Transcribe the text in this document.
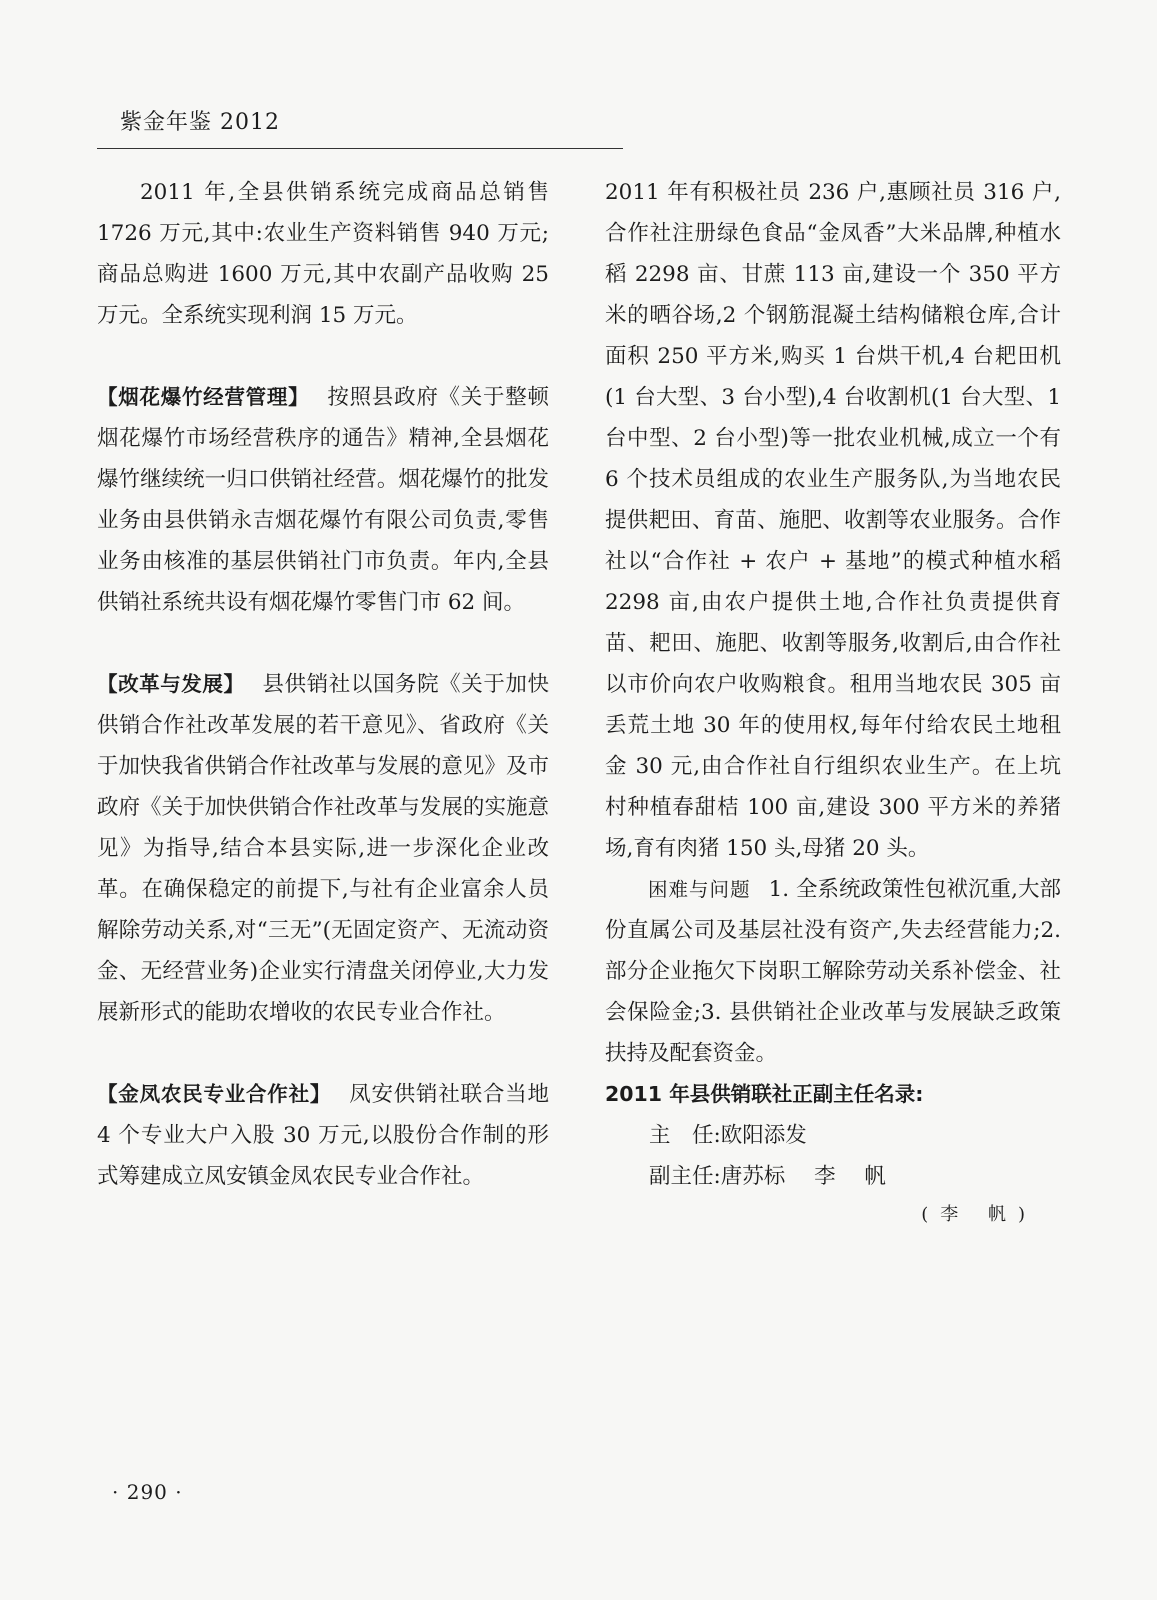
紫金年鉴 2012

2011 年,全县供销系统完成商品总销售 1726 万元,其中:农业生产资料销售 940 万元;商品总购进 1600 万元,其中农副产品收购 25 万元。全系统实现利润 15 万元。

【烟花爆竹经营管理】 按照县政府《关于整顿烟花爆竹市场经营秩序的通告》精神,全县烟花爆竹继续统一归口供销社经营。烟花爆竹的批发业务由县供销永吉烟花爆竹有限公司负责,零售业务由核准的基层供销社门市负责。年内,全县供销社系统共设有烟花爆竹零售门市 62 间。

【改革与发展】 县供销社以国务院《关于加快供销合作社改革发展的若干意见》、省政府《关于加快我省供销合作社改革与发展的意见》及市政府《关于加快供销合作社改革与发展的实施意见》为指导,结合本县实际,进一步深化企业改革。在确保稳定的前提下,与社有企业富余人员解除劳动关系,对“三无”(无固定资产、无流动资金、无经营业务)企业实行清盘关闭停业,大力发展新形式的能助农增收的农民专业合作社。

【金凤农民专业合作社】 凤安供销社联合当地 4 个专业大户入股 30 万元,以股份合作制的形式筹建成立凤安镇金凤农民专业合作社。

2011 年有积极社员 236 户,惠顾社员 316 户,合作社注册绿色食品“金凤香”大米品牌,种植水稻 2298 亩、甘蔗 113 亩,建设一个 350 平方米的晒谷场,2 个钢筋混凝土结构储粮仓库,合计面积 250 平方米,购买 1 台烘干机,4 台耙田机(1 台大型、3 台小型),4 台收割机(1 台大型、1 台中型、2 台小型)等一批农业机械,成立一个有 6 个技术员组成的农业生产服务队,为当地农民提供耙田、育苗、施肥、收割等农业服务。合作社以“合作社 + 农户 + 基地”的模式种植水稻 2298 亩,由农户提供土地,合作社负责提供育苗、耙田、施肥、收割等服务,收割后,由合作社以市价向农户收购粮食。租用当地农民 305 亩丢荒土地 30 年的使用权,每年付给农民土地租金 30 元,由合作社自行组织农业生产。在上坑村种植春甜桔 100 亩,建设 300 平方米的养猪场,育有肉猪 150 头,母猪 20 头。

困难与问题 1. 全系统政策性包袱沉重,大部份直属公司及基层社没有资产,失去经营能力;2. 部分企业拖欠下岗职工解除劳动关系补偿金、社会保险金;3. 县供销社企业改革与发展缺乏政策扶持及配套资金。

2011 年县供销联社正副主任名录:

主　任:欧阳添发

副主任:唐苏标 李 帆

(李 帆)

· 290 ·
